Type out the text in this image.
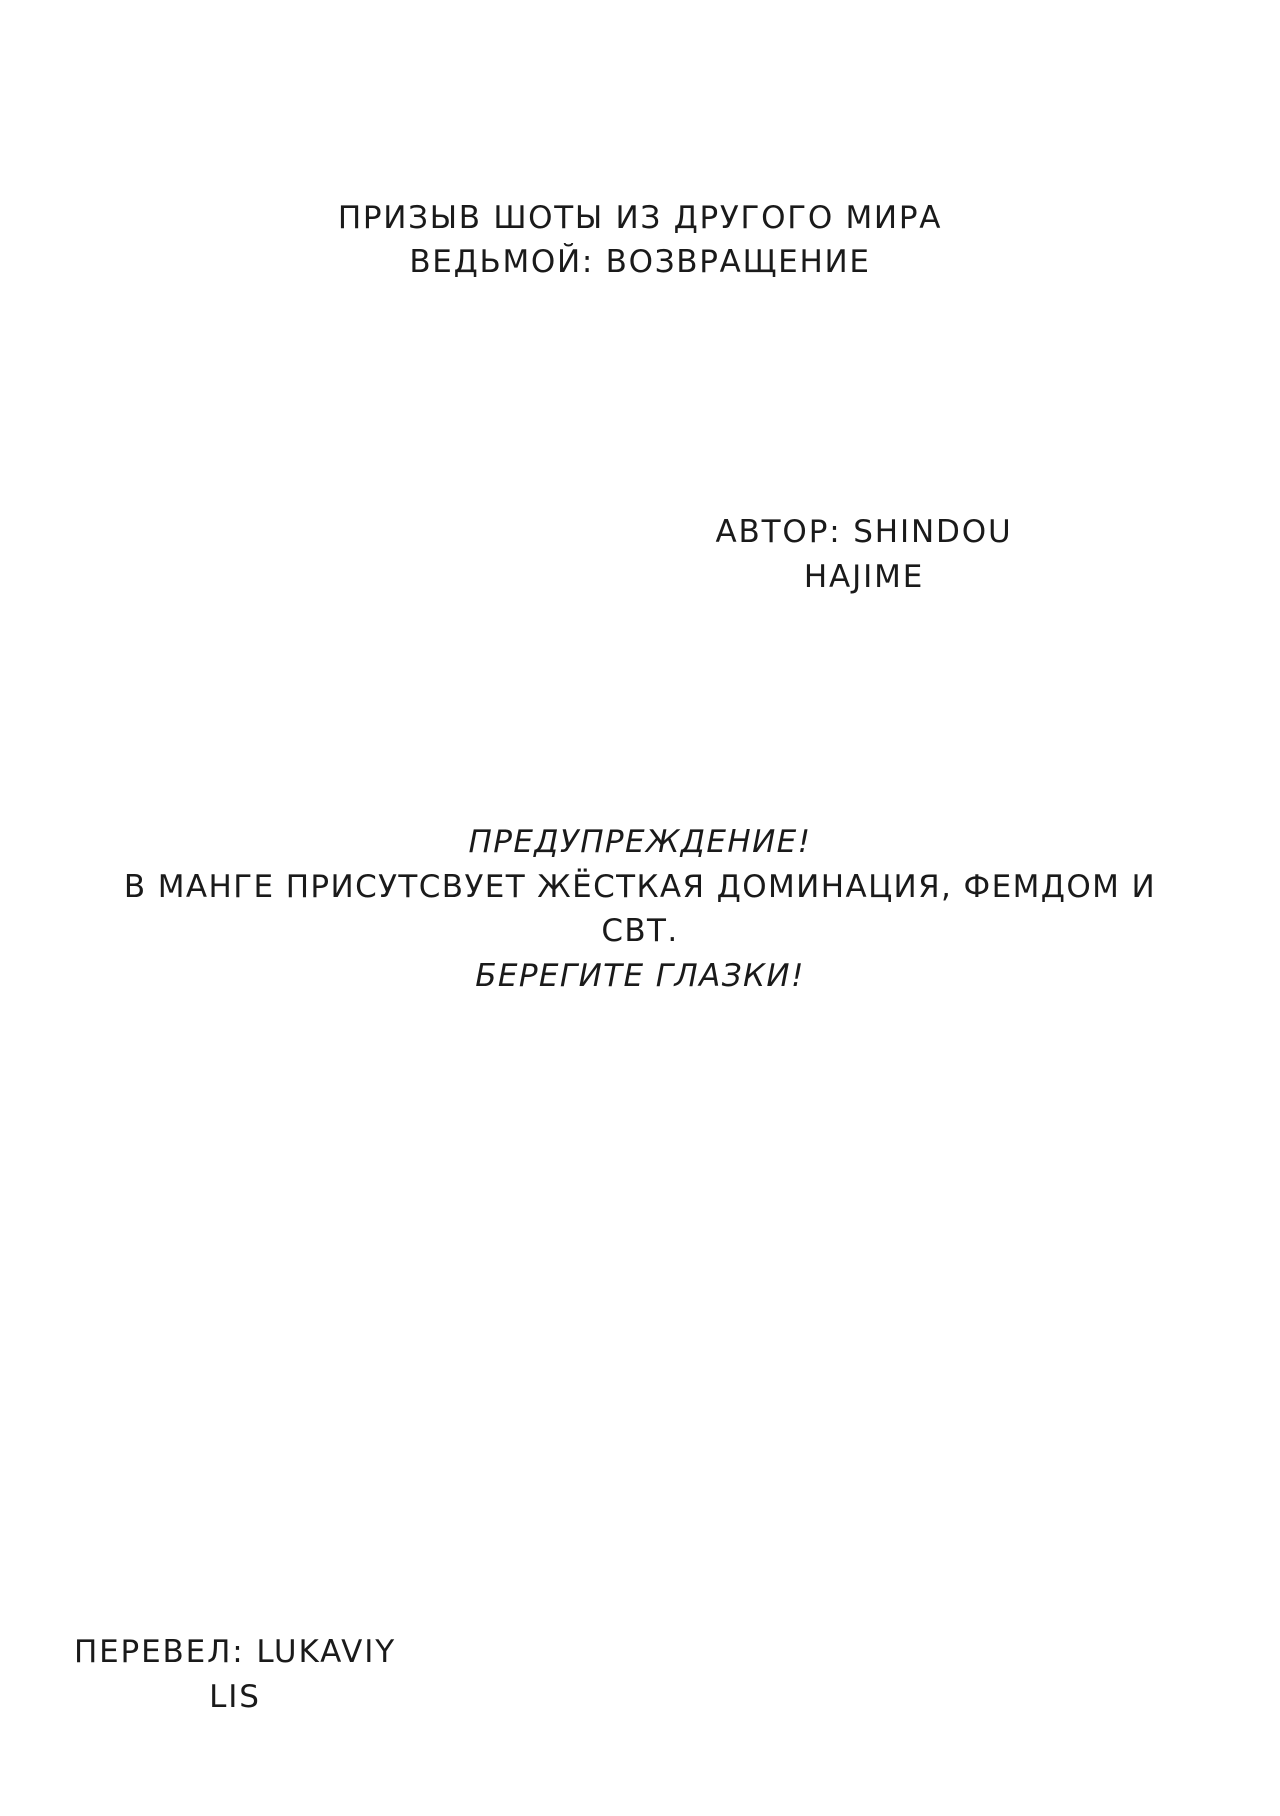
ПРИЗЫВ ШОТЫ ИЗ ДРУГОГО МИРА
ВЕДЬМОЙ: ВОЗВРАЩЕНИЕ
АВТОР: SHINDOU
HAJIME
ПРЕДУПРЕЖДЕНИЕ!
В МАНГE ПРИСУТСВУЕТ ЖЁСТКАЯ ДОМИНАЦИЯ, ФЕМДОМ И
СВТ.
БЕРЕГИТЕ ГЛАЗКИ!
ПЕРЕВЕЛ: LUKAVIY
LIS
